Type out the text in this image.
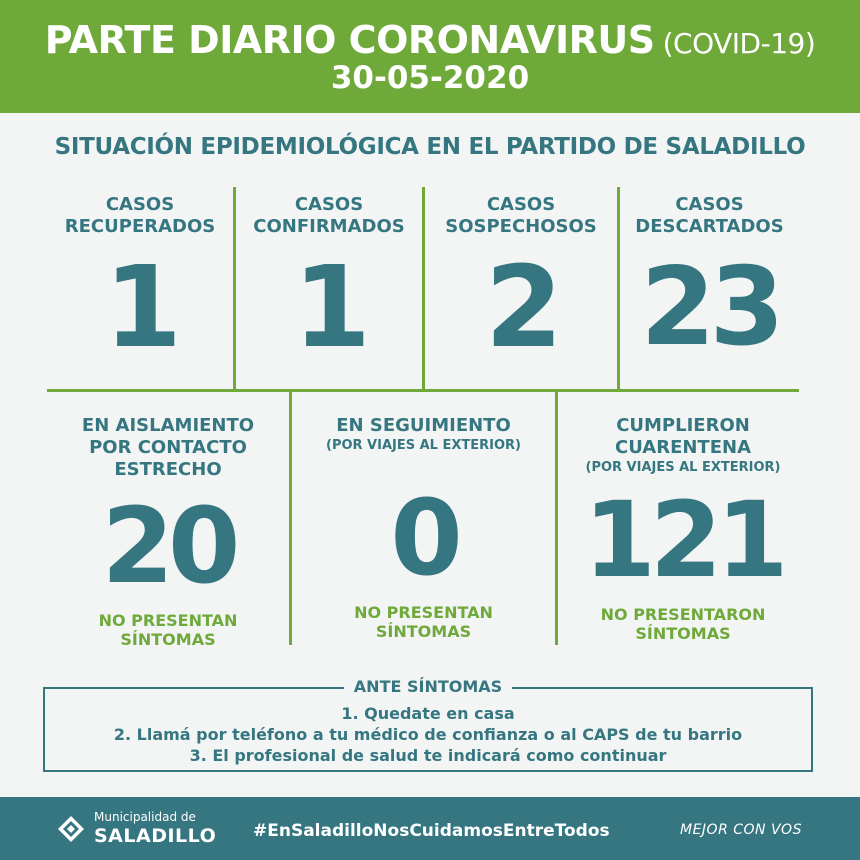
PARTE DIARIO CORONAVIRUS (COVID-19)
30-05-2020
SITUACIÓN EPIDEMIOLÓGICA EN EL PARTIDO DE SALADILLO
CASOS
RECUPERADOS
1
CASOS
CONFIRMADOS
1
CASOS
SOSPECHOSOS
2
CASOS
DESCARTADOS
23
EN AISLAMIENTO
POR CONTACTO
ESTRECHO
20
NO PRESENTAN
SÍNTOMAS
EN SEGUIMIENTO
(POR VIAJES AL EXTERIOR)
0
NO PRESENTAN
SÍNTOMAS
CUMPLIERON
CUARENTENA
(POR VIAJES AL EXTERIOR)
121
NO PRESENTARON
SÍNTOMAS
ANTE SÍNTOMAS
1. Quedate en casa
2. Llamá por teléfono a tu médico de confianza o al CAPS de tu barrio
3. El profesional de salud te indicará como continuar
Municipalidad de
SALADILLO #EnSaladilloNosCuidamosEntreTodos	MEJOR CON VOS
